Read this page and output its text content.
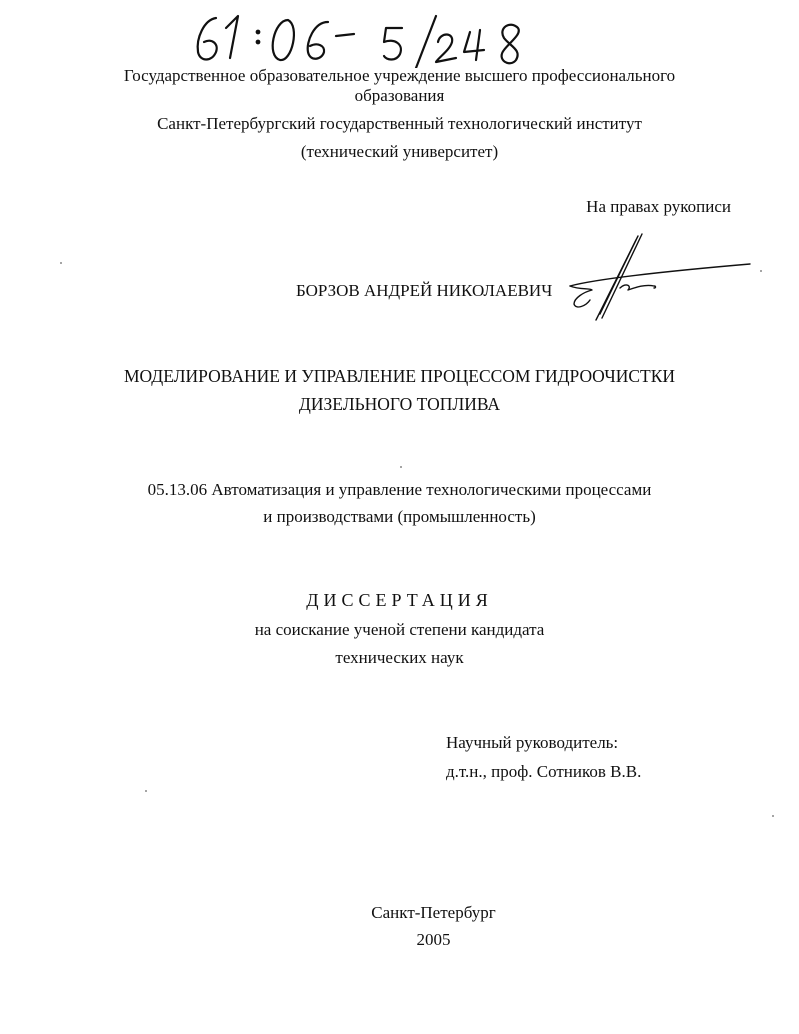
Государственное образовательное учреждение высшего профессионального
образования
Санкт-Петербургский государственный технологический институт
(технический университет)
На правах рукописи
БОРЗОВ АНДРЕЙ НИКОЛАЕВИЧ
МОДЕЛИРОВАНИЕ И УПРАВЛЕНИЕ ПРОЦЕССОМ ГИДРООЧИСТКИ
ДИЗЕЛЬНОГО ТОПЛИВА
05.13.06 Автоматизация и управление технологическими процессами
и производствами (промышленность)
ДИССЕРТАЦИЯ
на соискание ученой степени кандидата
технических наук
Научный руководитель:
д.т.н., проф. Сотников В.В.
Санкт-Петербург
2005
